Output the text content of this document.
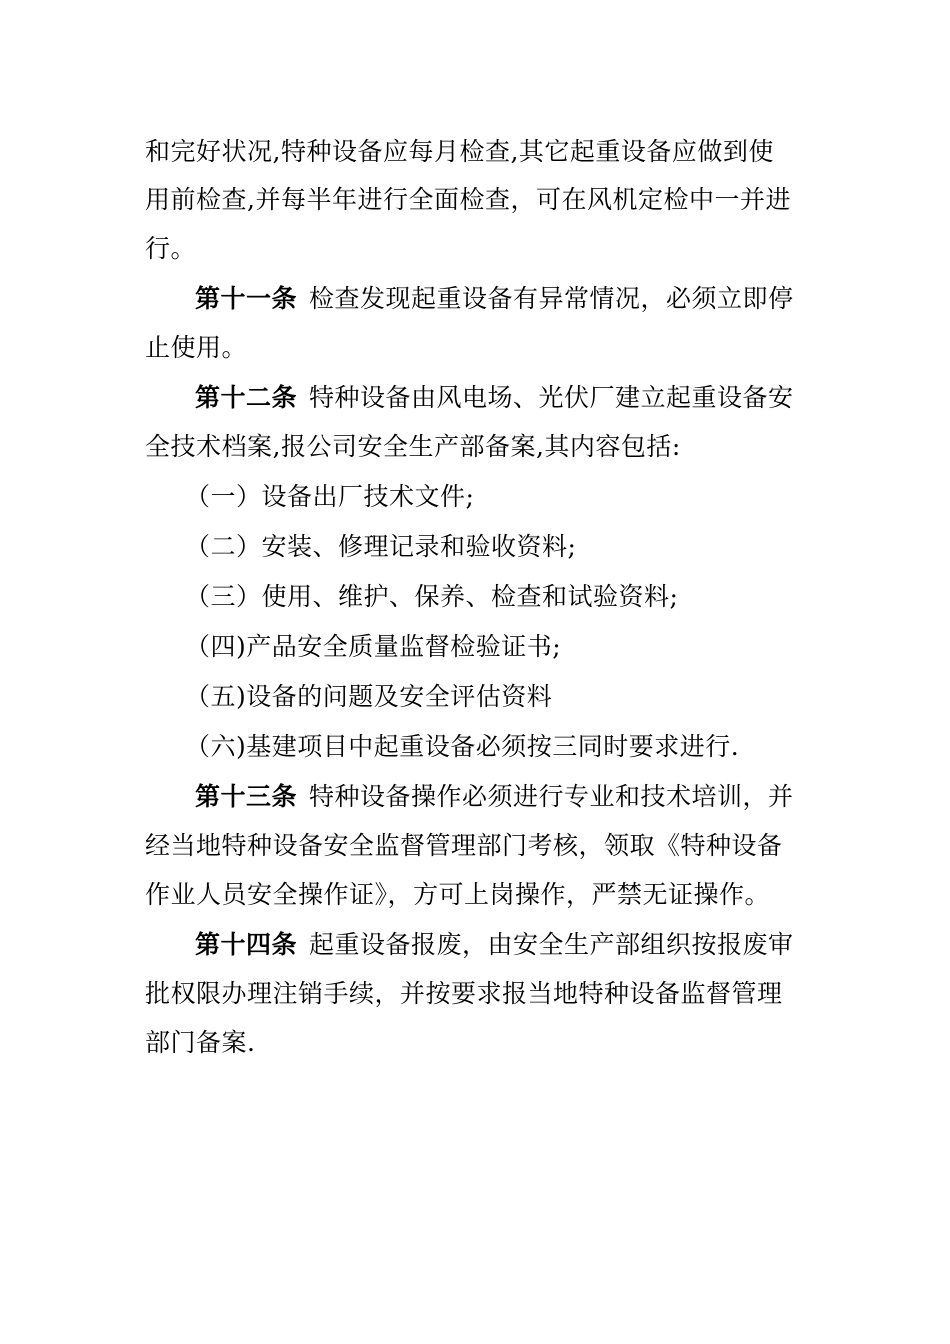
和完好状况,特种设备应每月检查,其它起重设备应做到使
用前检查,并每半年进行全面检查，可在风机定检中一并进
行。
第十一条 检查发现起重设备有异常情况，必须立即停
止使用。
第十二条 特种设备由风电场、光伏厂建立起重设备安
全技术档案,报公司安全生产部备案,其内容包括:
（一）设备出厂技术文件;
（二）安装、修理记录和验收资料;
（三）使用、维护、保养、检查和试验资料;
（四)产品安全质量监督检验证书;
（五)设备的问题及安全评估资料
（六)基建项目中起重设备必须按三同时要求进行.
第十三条 特种设备操作必须进行专业和技术培训，并
经当地特种设备安全监督管理部门考核，领取《特种设备
作业人员安全操作证》，方可上岗操作，严禁无证操作。
第十四条 起重设备报废，由安全生产部组织按报废审
批权限办理注销手续，并按要求报当地特种设备监督管理
部门备案.
